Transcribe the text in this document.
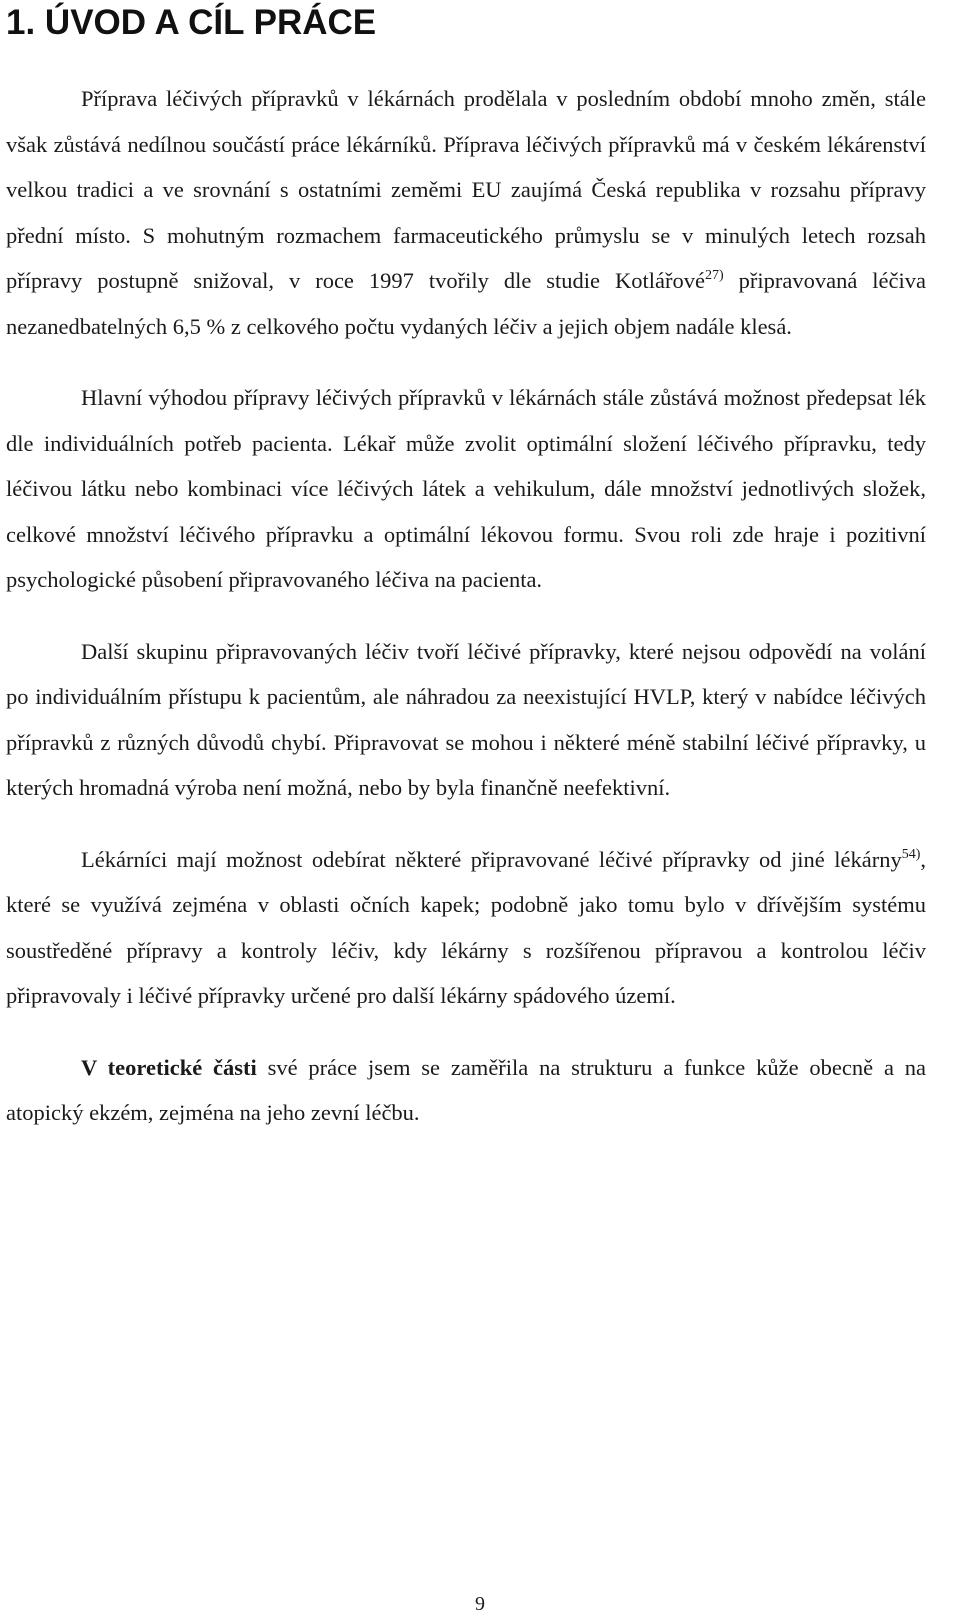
1. ÚVOD A CÍL PRÁCE

Příprava léčivých přípravků v lékárnách prodělala v posledním období mnoho změn, stále však zůstává nedílnou součástí práce lékárníků. Příprava léčivých přípravků má v českém lékárenství velkou tradici a ve srovnání s ostatními zeměmi EU zaujímá Česká republika v rozsahu přípravy přední místo. S mohutným rozmachem farmaceutického průmyslu se v minulých letech rozsah přípravy postupně snižoval, v roce 1997 tvořily dle studie Kotlářové$^{27)}$ připravovaná léčiva nezanedbatelných 6,5 % z celkového počtu vydaných léčiv a jejich objem nadále klesá.

Hlavní výhodou přípravy léčivých přípravků v lékárnách stále zůstává možnost předepsat lék dle individuálních potřeb pacienta. Lékař může zvolit optimální složení léčivého přípravku, tedy léčivou látku nebo kombinaci více léčivých látek a vehikulum, dále množství jednotlivých složek, celkové množství léčivého přípravku a optimální lékovou formu. Svou roli zde hraje i pozitivní psychologické působení připravovaného léčiva na pacienta.

Další skupinu připravovaných léčiv tvoří léčivé přípravky, které nejsou odpovědí na volání po individuálním přístupu k pacientům, ale náhradou za neexistující HVLP, který v nabídce léčivých přípravků z různých důvodů chybí. Připravovat se mohou i některé méně stabilní léčivé přípravky, u kterých hromadná výroba není možná, nebo by byla finančně neefektivní.

Lékárníci mají možnost odebírat některé připravované léčivé přípravky od jiné lékárny$^{54)}$, které se využívá zejména v oblasti očních kapek; podobně jako tomu bylo v dřívějším systému soustředěné přípravy a kontroly léčiv, kdy lékárny s rozšířenou přípravou a kontrolou léčiv připravovaly i léčivé přípravky určené pro další lékárny spádového území.

V teoretické části své práce jsem se zaměřila na strukturu a funkce kůže obecně a na atopický ekzém, zejména na jeho zevní léčbu.

9
